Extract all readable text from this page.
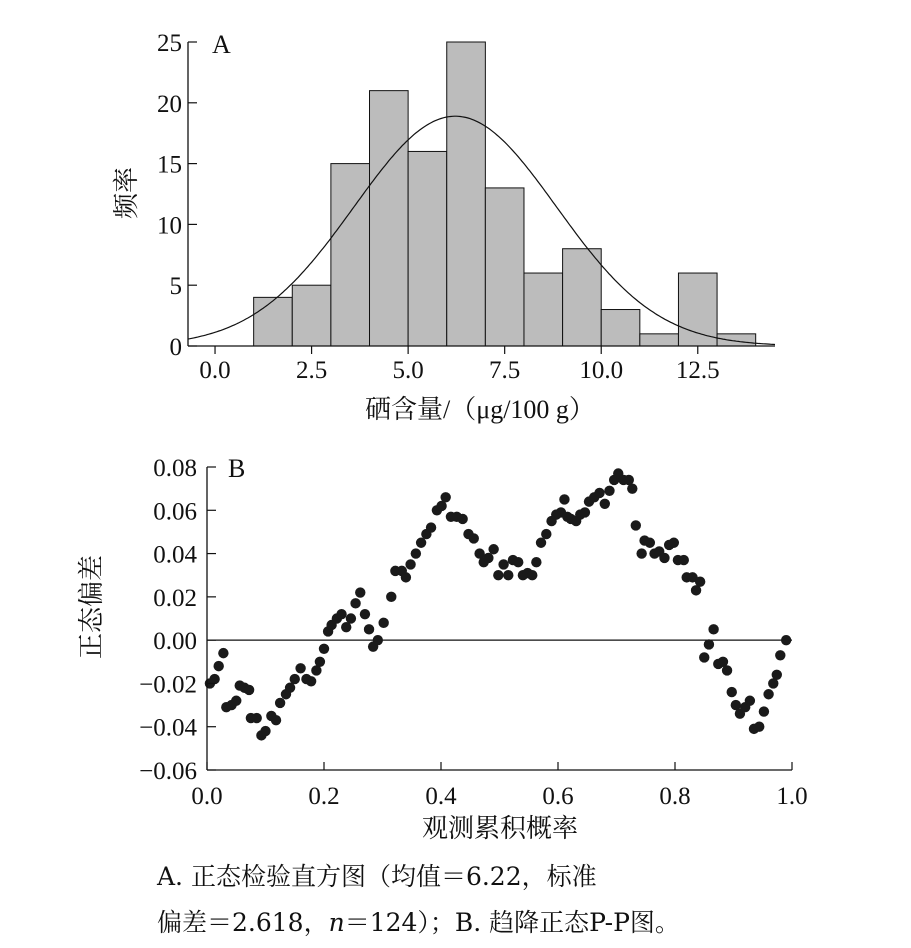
A
0
5
10
15
20
25
0.0	2.5	5.0	7.5 10.0 12.5
硒含量/（μg/100 g）
频率
B
−0.06
−0.04
−0.02
0.00
0.02
0.04
0.06
0.08
0.0	0.2	0.4	0.6	0.8	1.0
观测累积概率
正态偏差
A. 正态检验直方图（均值＝6.22，标准
偏差＝2.618，n＝124）；B. 趋降正态P-P图。
